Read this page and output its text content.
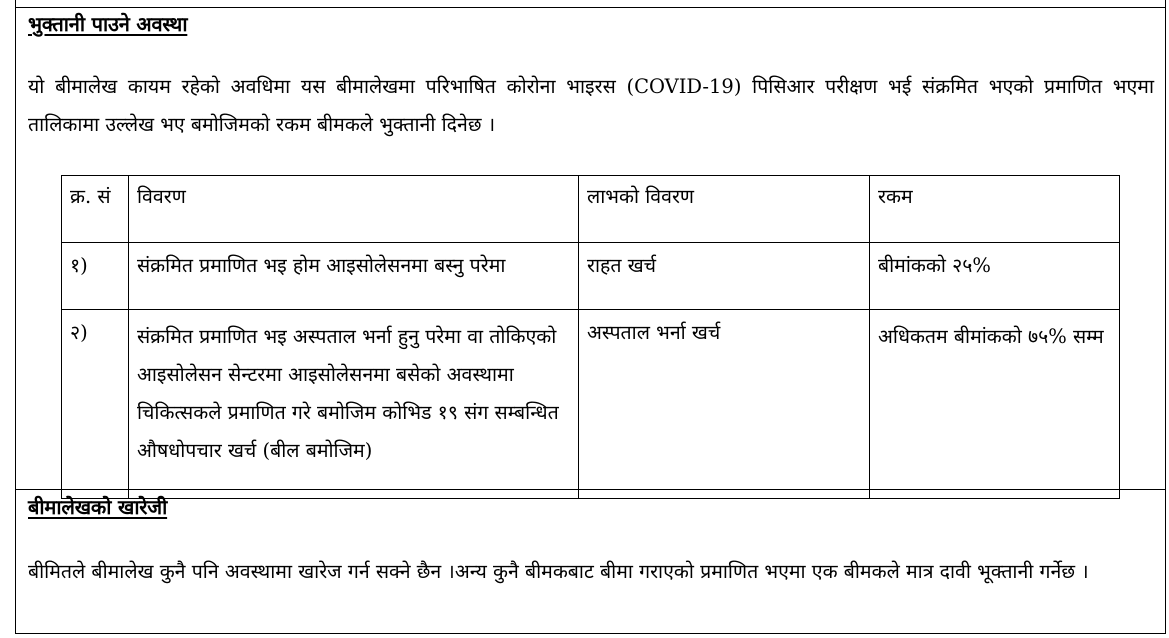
भुक्तानी पाउने अवस्था
यो बीमालेख कायम रहेको अवधिमा यस बीमालेखमा परिभाषित कोरोना भाइरस (COVID-19) पिसिआर परीक्षण भई संक्रमित भएको प्रमाणित भएमा तालिकामा उल्लेख भए बमोजिमको रकम बीमकले भुक्तानी दिनेछ ।
क्र. सं	विवरण	लाभको विवरण	रकम
१)	संक्रमित प्रमाणित भइ होम आइसोलेसनमा बस्नु परेमा	राहत खर्च	बीमांकको २५%
२)	संक्रमित प्रमाणित भइ अस्पताल भर्ना हुनु परेमा वा तोकिएको आइसोलेसन सेन्टरमा आइसोलेसनमा बसेको अवस्थामा चिकित्सकले प्रमाणित गरे बमोजिम कोभिड १९ संग सम्बन्धित औषधोपचार खर्च (बील बमोजिम)	अस्पताल भर्ना खर्च	अधिकतम बीमांकको ७५% सम्म
बीमालेखको खारेजी
बीमितले बीमालेख कुनै पनि अवस्थामा खारेज गर्न सक्ने छैन ।अन्य कुनै बीमकबाट बीमा गराएको प्रमाणित भएमा एक बीमकले मात्र दावी भूक्तानी गर्नेछ ।
